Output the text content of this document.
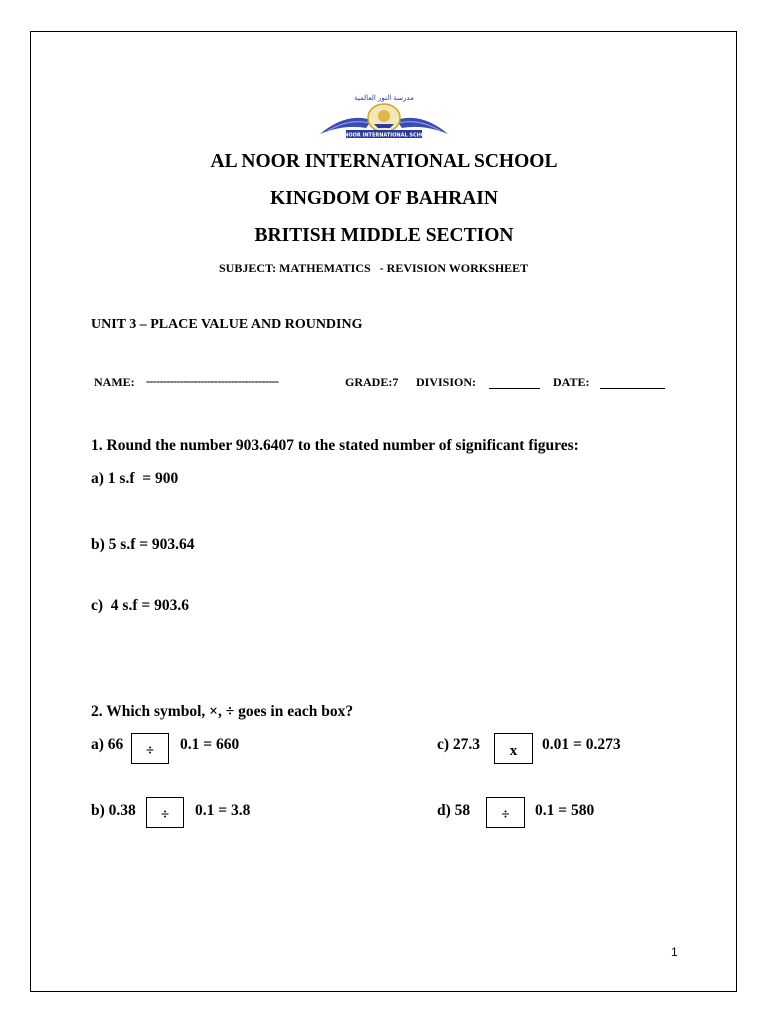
مدرسة النور العالمية
AL NOOR INTERNATIONAL SCHOOL
AL NOOR INTERNATIONAL SCHOOL
KINGDOM OF BAHRAIN
BRITISH MIDDLE SECTION
SUBJECT: MATHEMATICS   - REVISION WORKSHEET
UNIT 3 – PLACE VALUE AND ROUNDING
NAME: ---------------------------------------	GRADE:7 DIVISION:	DATE:
1. Round the number 903.6407 to the stated number of significant figures:
a) 1 s.f  = 900
b) 5 s.f = 903.64
c)  4 s.f = 903.6
2. Which symbol, ×, ÷ goes in each box?
a) 66	÷	0.1 = 660	c) 27.3	x	0.01 = 0.273
b) 0.38	÷	0.1 = 3.8	d) 58	÷	0.1 = 580
1
